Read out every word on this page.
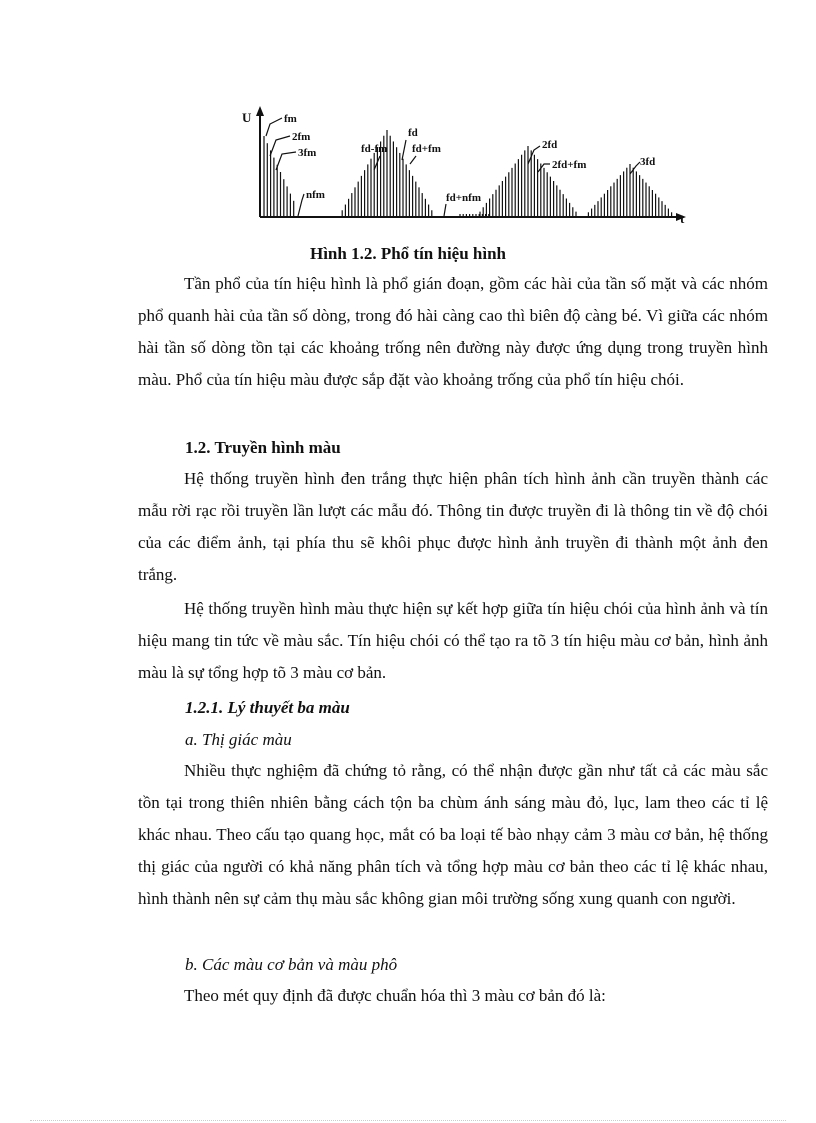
U
t
fm
2fm
3fm
nfm
fd-fm
fd
fd+fm
fd+nfm
2fd
2fd+fm	3fd
Hình 1.2. Phổ tín hiệu hình
Tần phổ của tín hiệu hình là phổ gián đoạn, gồm các hài của tần số mặt và các nhóm phổ quanh hài của tần số dòng, trong đó hài càng cao thì biên độ càng bé. Vì giữa các nhóm hài tần số dòng tồn tại các khoảng trống nên đường này được ứng dụng trong truyền hình màu. Phổ của tín hiệu màu được sắp đặt vào khoảng trống của phổ tín hiệu chói.
1.2. Truyền hình màu
Hệ thống truyền hình đen trắng thực hiện phân tích hình ảnh cần truyền thành các mẫu rời rạc rồi truyền lần lượt các mẫu đó. Thông tin được truyền đi là thông tin về độ chói của các điểm ảnh, tại phía thu sẽ khôi phục được hình ảnh truyền đi thành một ảnh đen trắng.
Hệ thống truyền hình màu thực hiện sự kết hợp giữa tín hiệu chói của hình ảnh và tín hiệu mang tin tức về màu sắc. Tín hiệu chói có thể tạo ra tõ 3 tín hiệu màu cơ bản, hình ảnh màu là sự tổng hợp tõ 3 màu cơ bản.
1.2.1. Lý thuyết ba màu
a. Thị giác màu
Nhiều thực nghiệm đã chứng tỏ rằng, có thể nhận được gần như tất cả các màu sắc tồn tại trong thiên nhiên bằng cách tộn ba chùm ánh sáng màu đỏ, lục, lam theo các tỉ lệ khác nhau. Theo cấu tạo quang học, mắt có ba loại tế bào nhạy cảm 3 màu cơ bản, hệ thống thị giác của người có khả năng phân tích và tổng hợp màu cơ bản theo các tỉ lệ khác nhau, hình thành nên sự cảm thụ màu sắc không gian môi trường sống xung quanh con người.
b. Các màu cơ bản và màu phô
Theo mét quy định đã được chuẩn hóa thì 3 màu cơ bản đó là:
